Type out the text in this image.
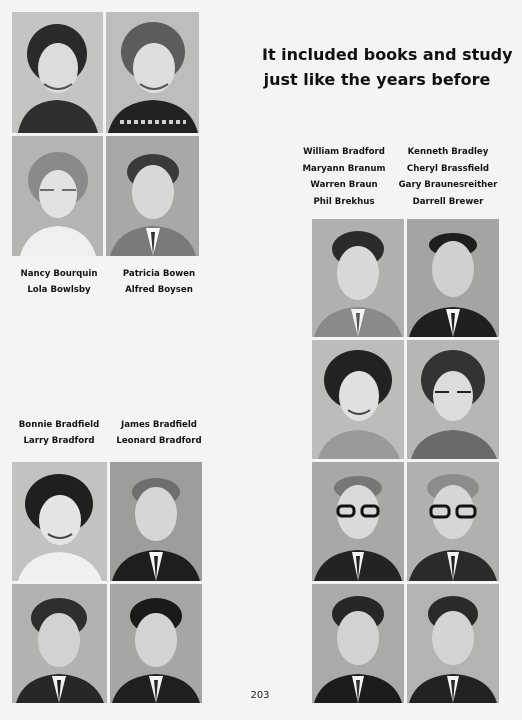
Nancy Bourquin
Lola Bowlsby
Patricia Bowen
Alfred Boysen
Bonnie Bradfield
Larry Bradford
James Bradfield
Leonard Bradford
It included books and study
just like the years before
William Bradford
Maryann Branum
Warren Braun
Phil Brekhus
Kenneth Bradley
Cheryl Brassfield
Gary Braunesreither
Darrell Brewer
203
